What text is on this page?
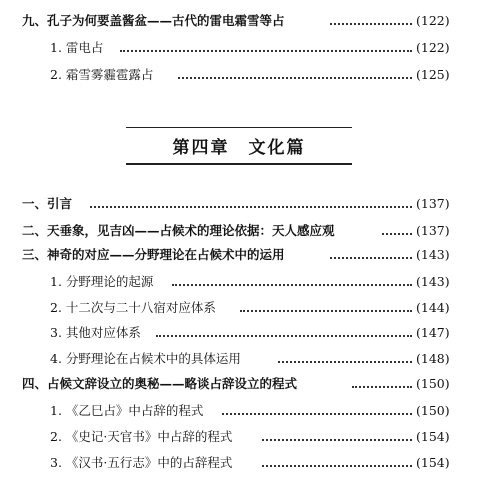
九、孔子为何要盖酱盆——古代的雷电霜雪等占	(122)
1. 雷电占	(122)
2. 霜雪雾霾雹露占	(125)
第四章　文化篇
一、引言	(137)
二、天垂象，见吉凶——占候术的理论依据：天人感应观	(137)
三、神奇的对应——分野理论在占候术中的运用	(143)
1. 分野理论的起源	(143)
2. 十二次与二十八宿对应体系	(144)
3. 其他对应体系	(147)
4. 分野理论在占候术中的具体运用	(148)
四、占候文辞设立的奥秘——略谈占辞设立的程式	(150)
1. 《乙巳占》中占辞的程式	(150)
2. 《史记·天官书》中占辞的程式	(154)
3. 《汉书·五行志》中的占辞程式	(154)
